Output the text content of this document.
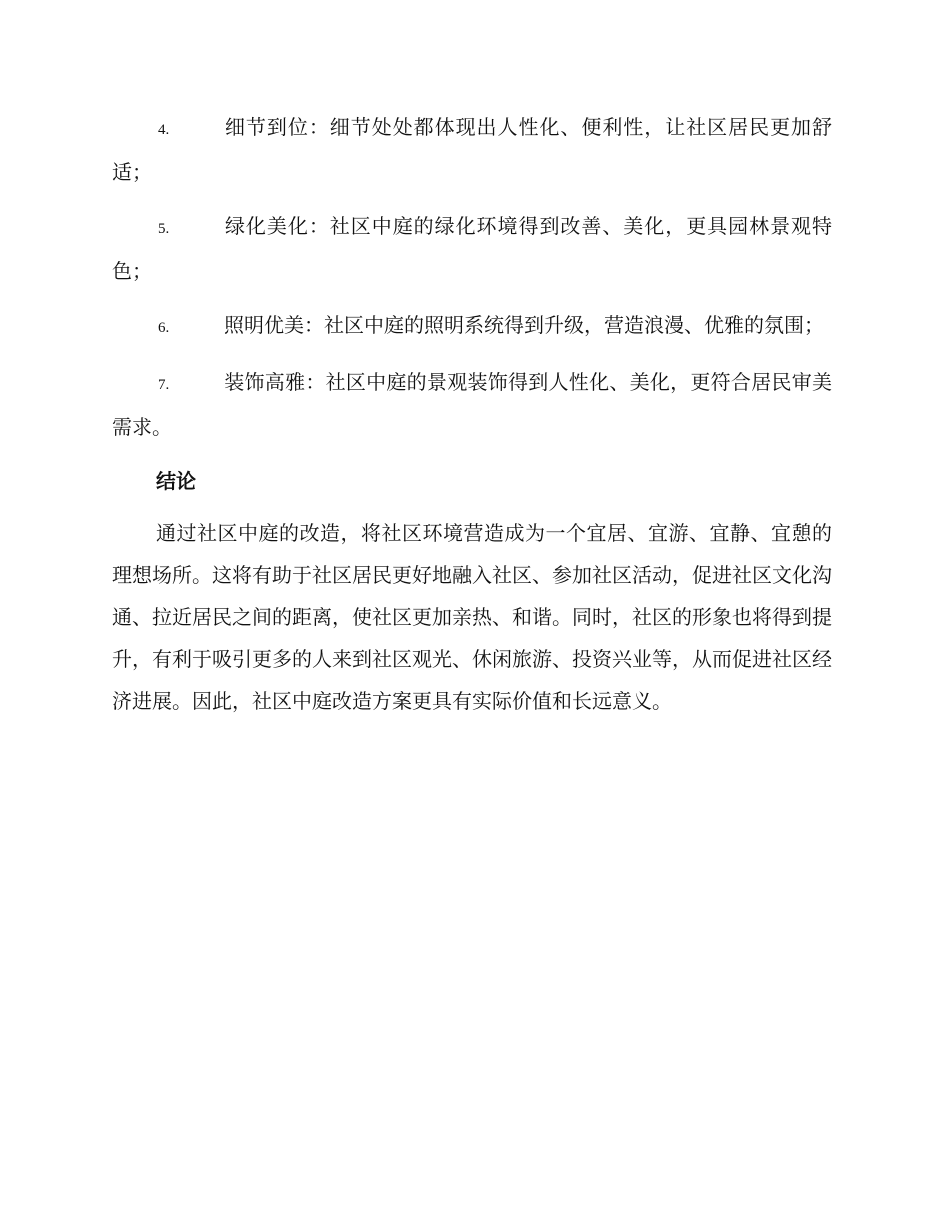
4.	细节到位：细节处处都体现出人性化、便利性，让社区居民更加舒适；
5.	绿化美化：社区中庭的绿化环境得到改善、美化，更具园林景观特色；
6.	照明优美：社区中庭的照明系统得到升级，营造浪漫、优雅的氛围；
7.	装饰高雅：社区中庭的景观装饰得到人性化、美化，更符合居民审美需求。
结论

通过社区中庭的改造，将社区环境营造成为一个宜居、宜游、宜静、宜憩的理想场所。这将有助于社区居民更好地融入社区、参加社区活动，促进社区文化沟通、拉近居民之间的距离，使社区更加亲热、和谐。同时，社区的形象也将得到提升，有利于吸引更多的人来到社区观光、休闲旅游、投资兴业等，从而促进社区经济进展。因此，社区中庭改造方案更具有实际价值和长远意义。
